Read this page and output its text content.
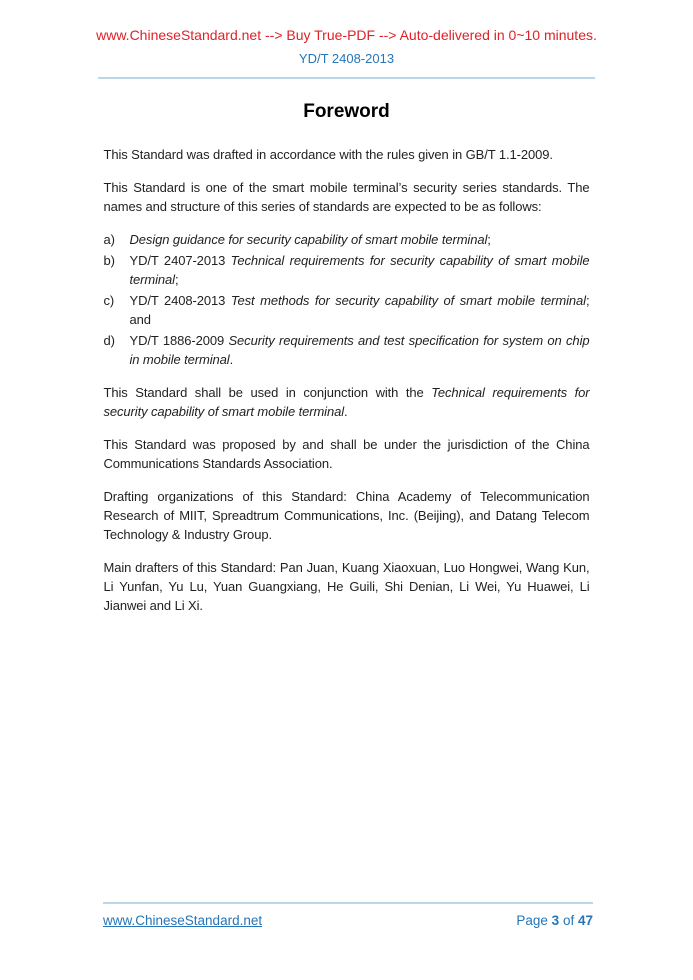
www.ChineseStandard.net --> Buy True-PDF --> Auto-delivered in 0~10 minutes.
YD/T 2408-2013
Foreword

This Standard was drafted in accordance with the rules given in GB/T 1.1-2009.

This Standard is one of the smart mobile terminal’s security series standards. The names and structure of this series of standards are expected to be as follows:

a)	Design guidance for security capability of smart mobile terminal;
b)	YD/T 2407-2013 Technical requirements for security capability of smart mobile terminal;
c)	YD/T 2408-2013 Test methods for security capability of smart mobile terminal; and
d)	YD/T 1886-2009 Security requirements and test specification for system on chip in mobile terminal.

This Standard shall be used in conjunction with the Technical requirements for security capability of smart mobile terminal.

This Standard was proposed by and shall be under the jurisdiction of the China Communications Standards Association.

Drafting organizations of this Standard: China Academy of Telecommunication Research of MIIT, Spreadtrum Communications, Inc. (Beijing), and Datang Telecom Technology & Industry Group.

Main drafters of this Standard: Pan Juan, Kuang Xiaoxuan, Luo Hongwei, Wang Kun, Li Yunfan, Yu Lu, Yuan Guangxiang, He Guili, Shi Denian, Li Wei, Yu Huawei, Li Jianwei and Li Xi.

www.ChineseStandard.net	Page 3 of 47
